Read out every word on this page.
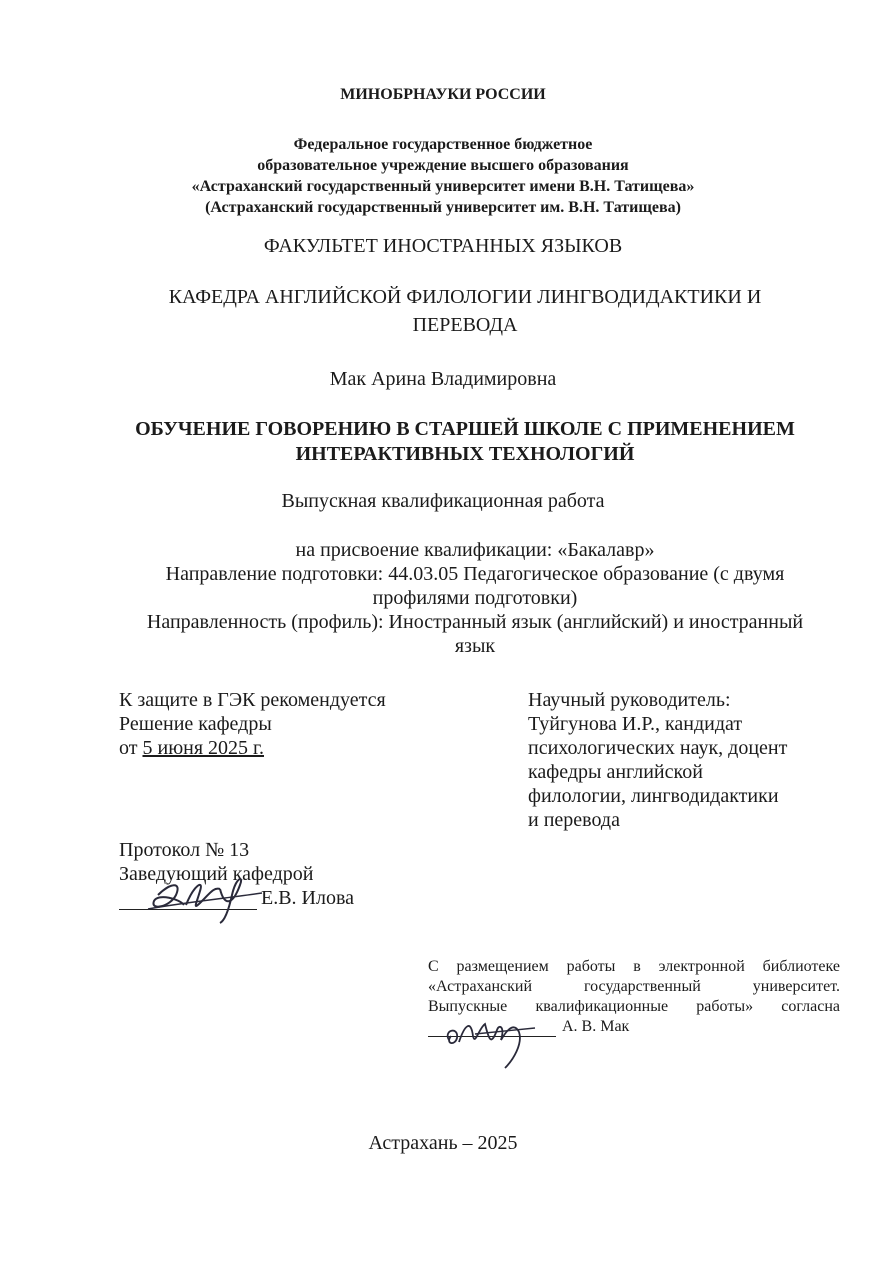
МИНОБРНАУКИ РОССИИ
Федеральное государственное бюджетное
образовательное учреждение высшего образования
«Астраханский государственный университет имени В.Н. Татищева»
(Астраханский государственный университет им. В.Н. Татищева)
ФАКУЛЬТЕТ ИНОСТРАННЫХ ЯЗЫКОВ
КАФЕДРА АНГЛИЙСКОЙ ФИЛОЛОГИИ ЛИНГВОДИДАКТИКИ И ПЕРЕВОДА
Мак Арина Владимировна
ОБУЧЕНИЕ ГОВОРЕНИЮ В СТАРШЕЙ ШКОЛЕ С ПРИМЕНЕНИЕМ
ИНТЕРАКТИВНЫХ ТЕХНОЛОГИЙ
Выпускная квалификационная работа
на присвоение квалификации: «Бакалавр»
Направление подготовки: 44.03.05 Педагогическое образование (с двумя
профилями подготовки)
Направленность (профиль): Иностранный язык (английский) и иностранный
язык
К защите в ГЭК рекомендуется
Решение кафедры
от 5 июня 2025 г.
Научный руководитель:
Туйгунова И.Р., кандидат
психологических наук, доцент
кафедры английской
филологии, лингводидактики
и перевода
Протокол № 13
Заведующий кафедрой
Е.В. Илова
С размещением работы в электронной библиотеке
«Астраханский государственный университет.
Выпускные квалификационные работы» согласна
А. В. Мак
Астрахань – 2025
